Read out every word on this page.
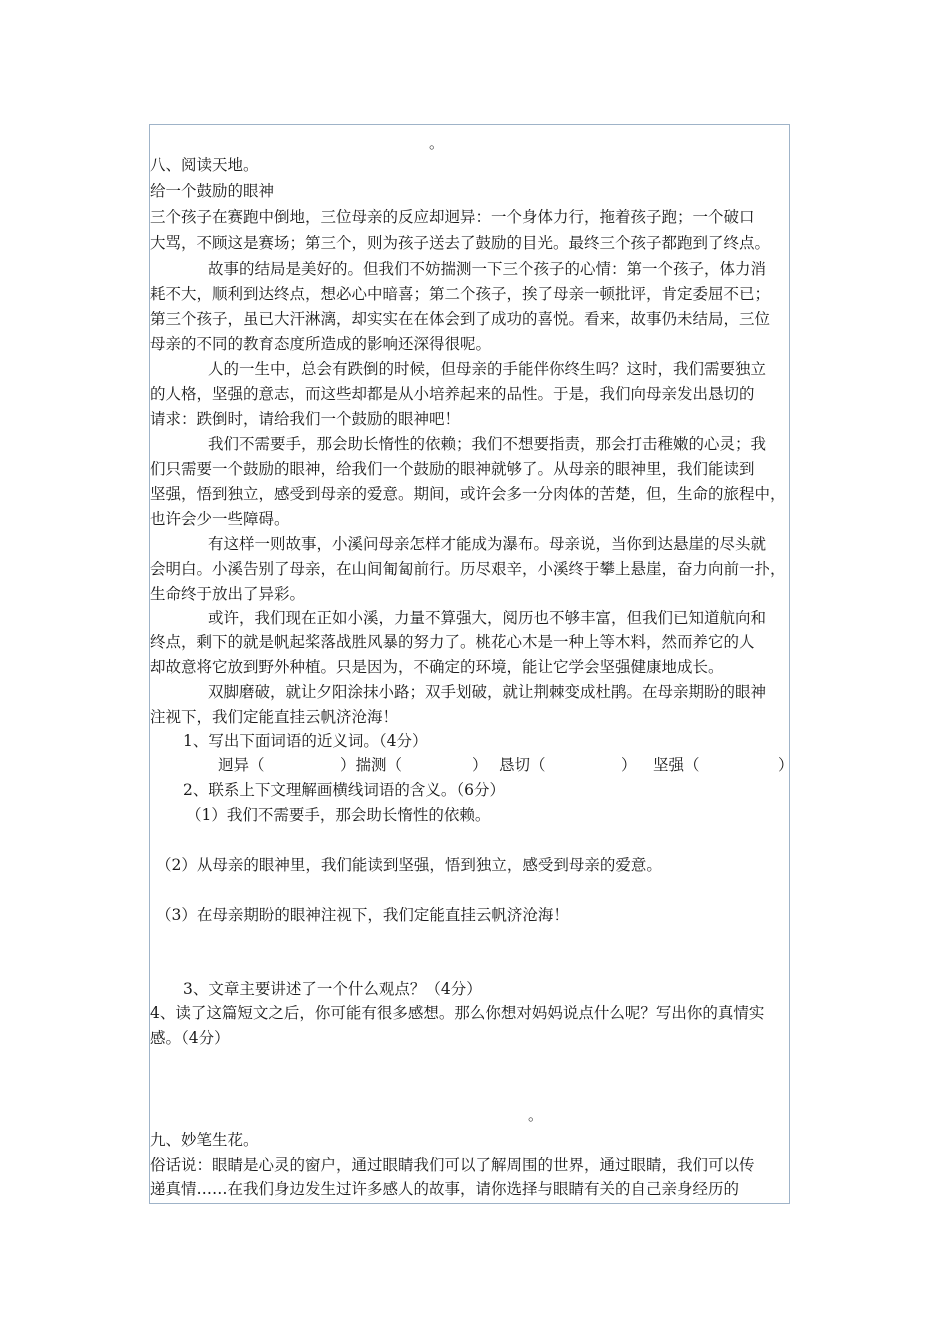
。
八、阅读天地。
给一个鼓励的眼神
三个孩子在赛跑中倒地，三位母亲的反应却迥异：一个身体力行，拖着孩子跑；一个破口
大骂，不顾这是赛场；第三个，则为孩子送去了鼓励的目光。最终三个孩子都跑到了终点。
故事的结局是美好的。但我们不妨揣测一下三个孩子的心情：第一个孩子，体力消
耗不大，顺利到达终点，想必心中暗喜；第二个孩子，挨了母亲一顿批评，肯定委屈不已；
第三个孩子，虽已大汗淋漓，却实实在在体会到了成功的喜悦。看来，故事仍未结局，三位
母亲的不同的教育态度所造成的影响还深得很呢。
人的一生中，总会有跌倒的时候，但母亲的手能伴你终生吗？这时，我们需要独立
的人格，坚强的意志，而这些却都是从小培养起来的品性。于是，我们向母亲发出恳切的
请求：跌倒时，请给我们一个鼓励的眼神吧！
我们不需要手，那会助长惰性的依赖；我们不想要指责，那会打击稚嫩的心灵；我
们只需要一个鼓励的眼神，给我们一个鼓励的眼神就够了。从母亲的眼神里，我们能读到
坚强，悟到独立，感受到母亲的爱意。期间，或许会多一分肉体的苦楚，但，生命的旅程中，
也许会少一些障碍。
有这样一则故事，小溪问母亲怎样才能成为瀑布。母亲说，当你到达悬崖的尽头就
会明白。小溪告别了母亲，在山间匍匐前行。历尽艰辛，小溪终于攀上悬崖，奋力向前一扑，
生命终于放出了异彩。
或许，我们现在正如小溪，力量不算强大，阅历也不够丰富，但我们已知道航向和
终点，剩下的就是帆起桨落战胜风暴的努力了。桃花心木是一种上等木料，然而养它的人
却故意将它放到野外种植。只是因为，不确定的环境，能让它学会坚强健康地成长。
双脚磨破，就让夕阳涂抹小路；双手划破，就让荆棘变成杜鹃。在母亲期盼的眼神
注视下，我们定能直挂云帆济沧海！
1、写出下面词语的近义词。（4分）
迥异（	）揣测（	） 恳切（	） 坚强（	）
2、联系上下文理解画横线词语的含义。（6分）
（1）我们不需要手，那会助长惰性的依赖。
（2）从母亲的眼神里，我们能读到坚强，悟到独立，感受到母亲的爱意。
（3）在母亲期盼的眼神注视下，我们定能直挂云帆济沧海！
3、文章主要讲述了一个什么观点？（4分）
4、读了这篇短文之后，你可能有很多感想。那么你想对妈妈说点什么呢？写出你的真情实
感。（4分）
。
九、妙笔生花。
俗话说：眼睛是心灵的窗户，通过眼睛我们可以了解周围的世界，通过眼睛，我们可以传
递真情……在我们身边发生过许多感人的故事，请你选择与眼睛有关的自己亲身经历的
